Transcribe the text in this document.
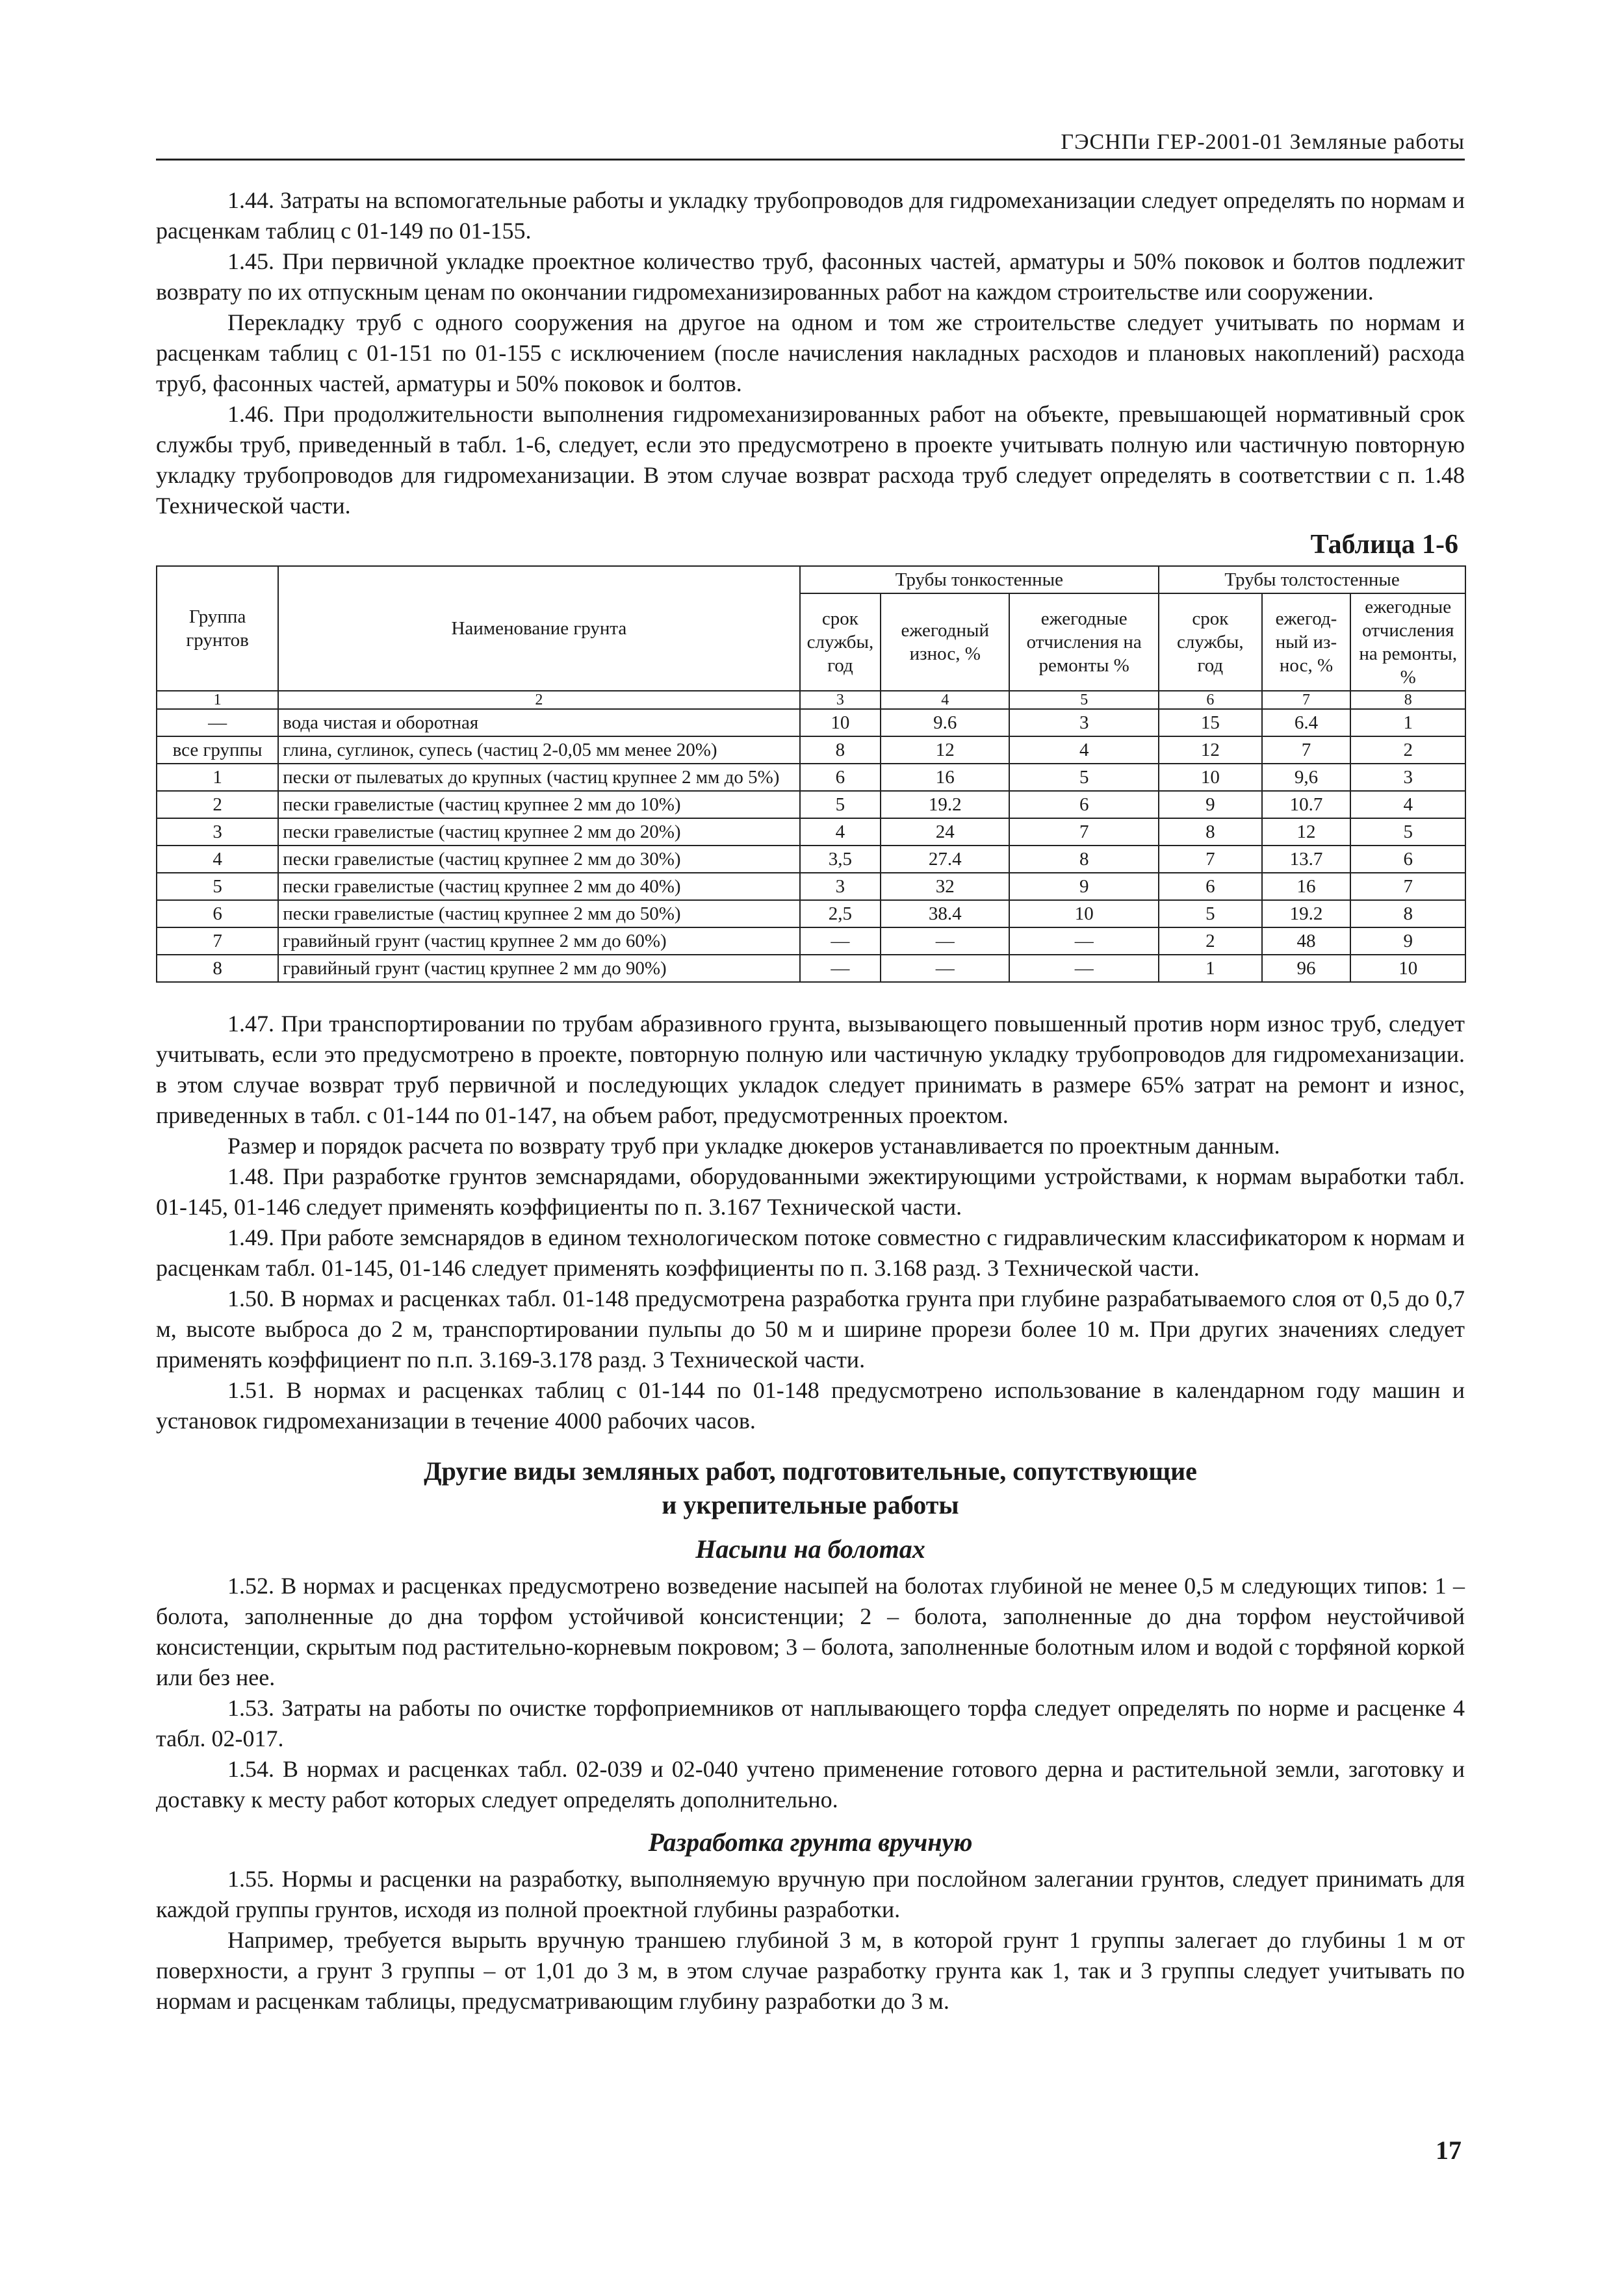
ГЭСНПи ГЕР-2001-01 Земляные работы

1.44. Затраты на вспомогательные работы и укладку трубопроводов для гидромеханизации следует определять по нормам и расценкам таблиц с 01-149 по 01-155.

1.45. При первичной укладке проектное количество труб, фасонных частей, арматуры и 50% поковок и болтов подлежит возврату по их отпускным ценам по окончании гидромеханизированных работ на каждом строительстве или сооружении.

Перекладку труб с одного сооружения на другое на одном и том же строительстве следует учитывать по нормам и расценкам таблиц с 01-151 по 01-155 с исключением (после начисления накладных расходов и плановых накоплений) расхода труб, фасонных частей, арматуры и 50% поковок и болтов.

1.46. При продолжительности выполнения гидромеханизированных работ на объекте, превышающей нормативный срок службы труб, приведенный в табл. 1-6, следует, если это предусмотрено в проекте учитывать полную или частичную повторную укладку трубопроводов для гидромеханизации. В этом случае возврат расхода труб следует определять в соответствии с п. 1.48 Технической части.

Таблица 1-6
Группа грунтов	Наименование грунта	Трубы тонкостенные			Трубы толстостенные		
		срок службы, год	ежегодный износ, %	ежегодные отчисления на ремонты %	срок службы, год	ежегод-ный из-нос, %	ежегодные отчисления на ремонты, %
1	2	3	4	5	6	7	8
—	вода чистая и оборотная	10	9.6	3	15	6.4	1
все группы	глина, суглинок, супесь (частиц 2-0,05 мм менее 20%)	8	12	4	12	7	2
1	пески от пылеватых до крупных (частиц крупнее 2 мм до 5%)	6	16	5	10	9,6	3
2	пески гравелистые (частиц крупнее 2 мм до 10%)	5	19.2	6	9	10.7	4
3	пески гравелистые (частиц крупнее 2 мм до 20%)	4	24	7	8	12	5
4	пески гравелистые (частиц крупнее 2 мм до 30%)	3,5	27.4	8	7	13.7	6
5	пески гравелистые (частиц крупнее 2 мм до 40%)	3	32	9	6	16	7
6	пески гравелистые (частиц крупнее 2 мм до 50%)	2,5	38.4	10	5	19.2	8
7	гравийный грунт (частиц крупнее 2 мм до 60%)	—	—	—	2	48	9
8	гравийный грунт (частиц крупнее 2 мм до 90%)	—	—	—	1	96	10

1.47. При транспортировании по трубам абразивного грунта, вызывающего повышенный против норм износ труб, следует учитывать, если это предусмотрено в проекте, повторную полную или частичную укладку трубопроводов для гидромеханизации. в этом случае возврат труб первичной и последующих укладок следует принимать в размере 65% затрат на ремонт и износ, приведенных в табл. с 01-144 по 01-147, на объем работ, предусмотренных проектом.

Размер и порядок расчета по возврату труб при укладке дюкеров устанавливается по проектным данным.

1.48. При разработке грунтов земснарядами, оборудованными эжектирующими устройствами, к нормам выработки табл. 01-145, 01-146 следует применять коэффициенты по п. 3.167 Технической части.

1.49. При работе земснарядов в едином технологическом потоке совместно с гидравлическим классификатором к нормам и расценкам табл. 01-145, 01-146 следует применять коэффициенты по п. 3.168 разд. 3 Технической части.

1.50. В нормах и расценках табл. 01-148 предусмотрена разработка грунта при глубине разрабатываемого слоя от 0,5 до 0,7 м, высоте выброса до 2 м, транспортировании пульпы до 50 м и ширине прорези более 10 м. При других значениях следует применять коэффициент по п.п. 3.169-3.178 разд. 3 Технической части.

1.51. В нормах и расценках таблиц с 01-144 по 01-148 предусмотрено использование в календарном году машин и установок гидромеханизации в течение 4000 рабочих часов.

Другие виды земляных работ, подготовительные, сопутствующие
и укрепительные работы
Насыпи на болотах

1.52. В нормах и расценках предусмотрено возведение насыпей на болотах глубиной не менее 0,5 м следующих типов: 1 – болота, заполненные до дна торфом устойчивой консистенции; 2 – болота, заполненные до дна торфом неустойчивой консистенции, скрытым под растительно-корневым покровом; 3 – болота, заполненные болотным илом и водой с торфяной коркой или без нее.

1.53. Затраты на работы по очистке торфоприемников от наплывающего торфа следует определять по норме и расценке 4 табл. 02-017.

1.54. В нормах и расценках табл. 02-039 и 02-040 учтено применение готового дерна и растительной земли, заготовку и доставку к месту работ которых следует определять дополнительно.

Разработка грунта вручную

1.55. Нормы и расценки на разработку, выполняемую вручную при послойном залегании грунтов, следует принимать для каждой группы грунтов, исходя из полной проектной глубины разработки.

Например, требуется вырыть вручную траншею глубиной 3 м, в которой грунт 1 группы залегает до глубины 1 м от поверхности, а грунт 3 группы – от 1,01 до 3 м, в этом случае разработку грунта как 1, так и 3 группы следует учитывать по нормам и расценкам таблицы, предусматривающим глубину разработки до 3 м.

17
